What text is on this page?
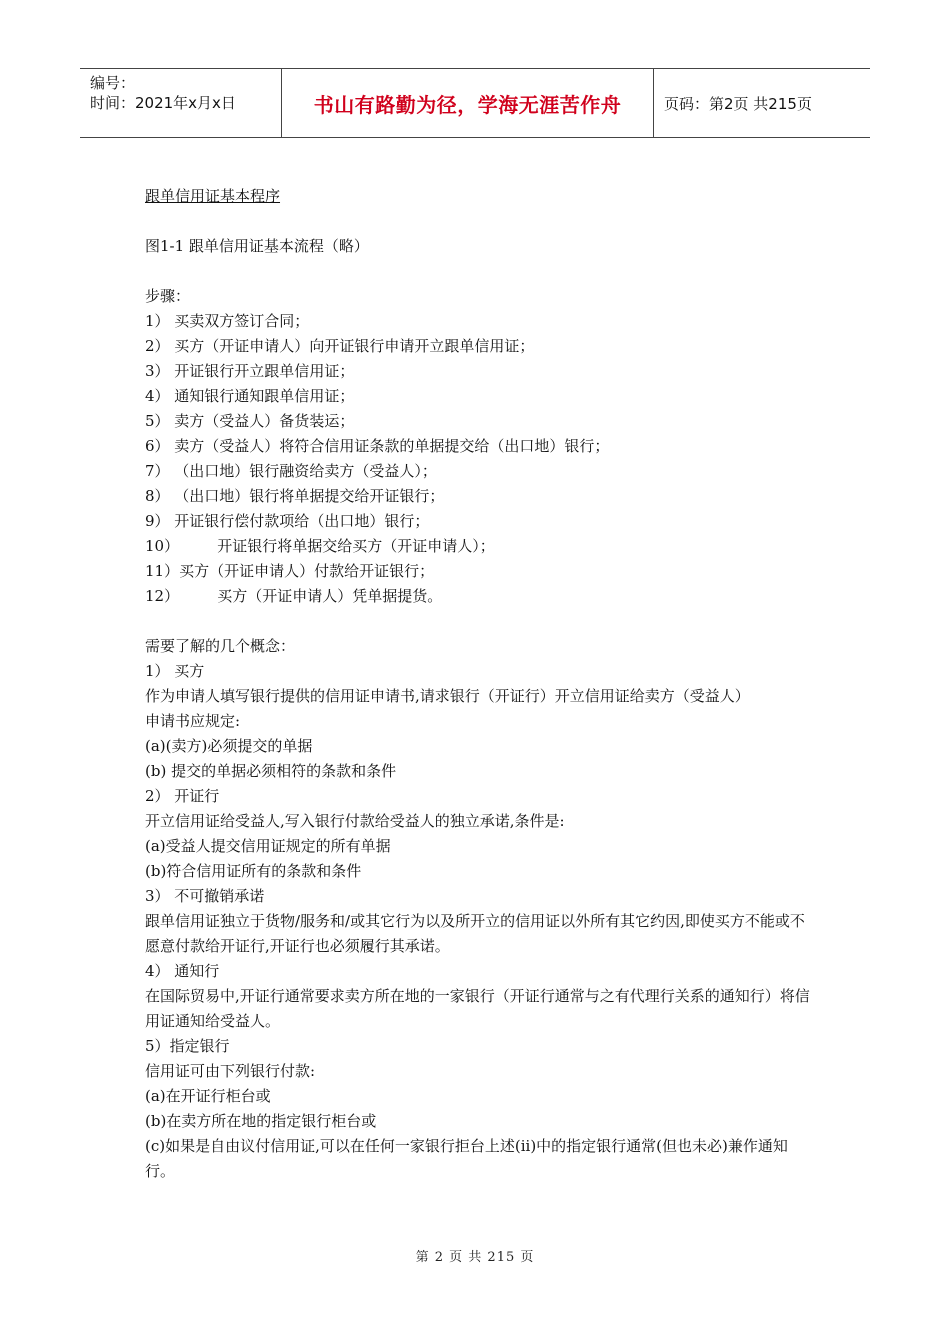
编号：
时间：2021年x月x日	书山有路勤为径，学海无涯苦作舟	页码：第2页 共215页
跟单信用证基本程序
图1-1 跟单信用证基本流程（略）
步骤：
1） 买卖双方签订合同；
2） 买方（开证申请人）向开证银行申请开立跟单信用证；
3） 开证银行开立跟单信用证；
4） 通知银行通知跟单信用证；
5） 卖方（受益人）备货装运；
6） 卖方（受益人）将符合信用证条款的单据提交给（出口地）银行；
7） （出口地）银行融资给卖方（受益人）；
8） （出口地）银行将单据提交给开证银行；
9） 开证银行偿付款项给（出口地）银行；
10）        开证银行将单据交给买方（开证申请人）；
11）买方（开证申请人）付款给开证银行；
12）        买方（开证申请人）凭单据提货。
需要了解的几个概念：
1） 买方
作为申请人填写银行提供的信用证申请书,请求银行（开证行）开立信用证给卖方（受益人）
申请书应规定:
(a)(卖方)必须提交的单据
(b) 提交的单据必须相符的条款和条件
2） 开证行
开立信用证给受益人,写入银行付款给受益人的独立承诺,条件是:
(a)受益人提交信用证规定的所有单据
(b)符合信用证所有的条款和条件
3） 不可撤销承诺
跟单信用证独立于货物/服务和/或其它行为以及所开立的信用证以外所有其它约因,即使买方不能或不愿意付款给开证行,开证行也必须履行其承诺。
4） 通知行
在国际贸易中,开证行通常要求卖方所在地的一家银行（开证行通常与之有代理行关系的通知行）将信用证通知给受益人。
5）指定银行
信用证可由下列银行付款:
(a)在开证行柜台或
(b)在卖方所在地的指定银行柜台或
(c)如果是自由议付信用证,可以在任何一家银行拒台上述(ii)中的指定银行通常(但也未必)兼作通知行。
第 2 页 共 215 页
